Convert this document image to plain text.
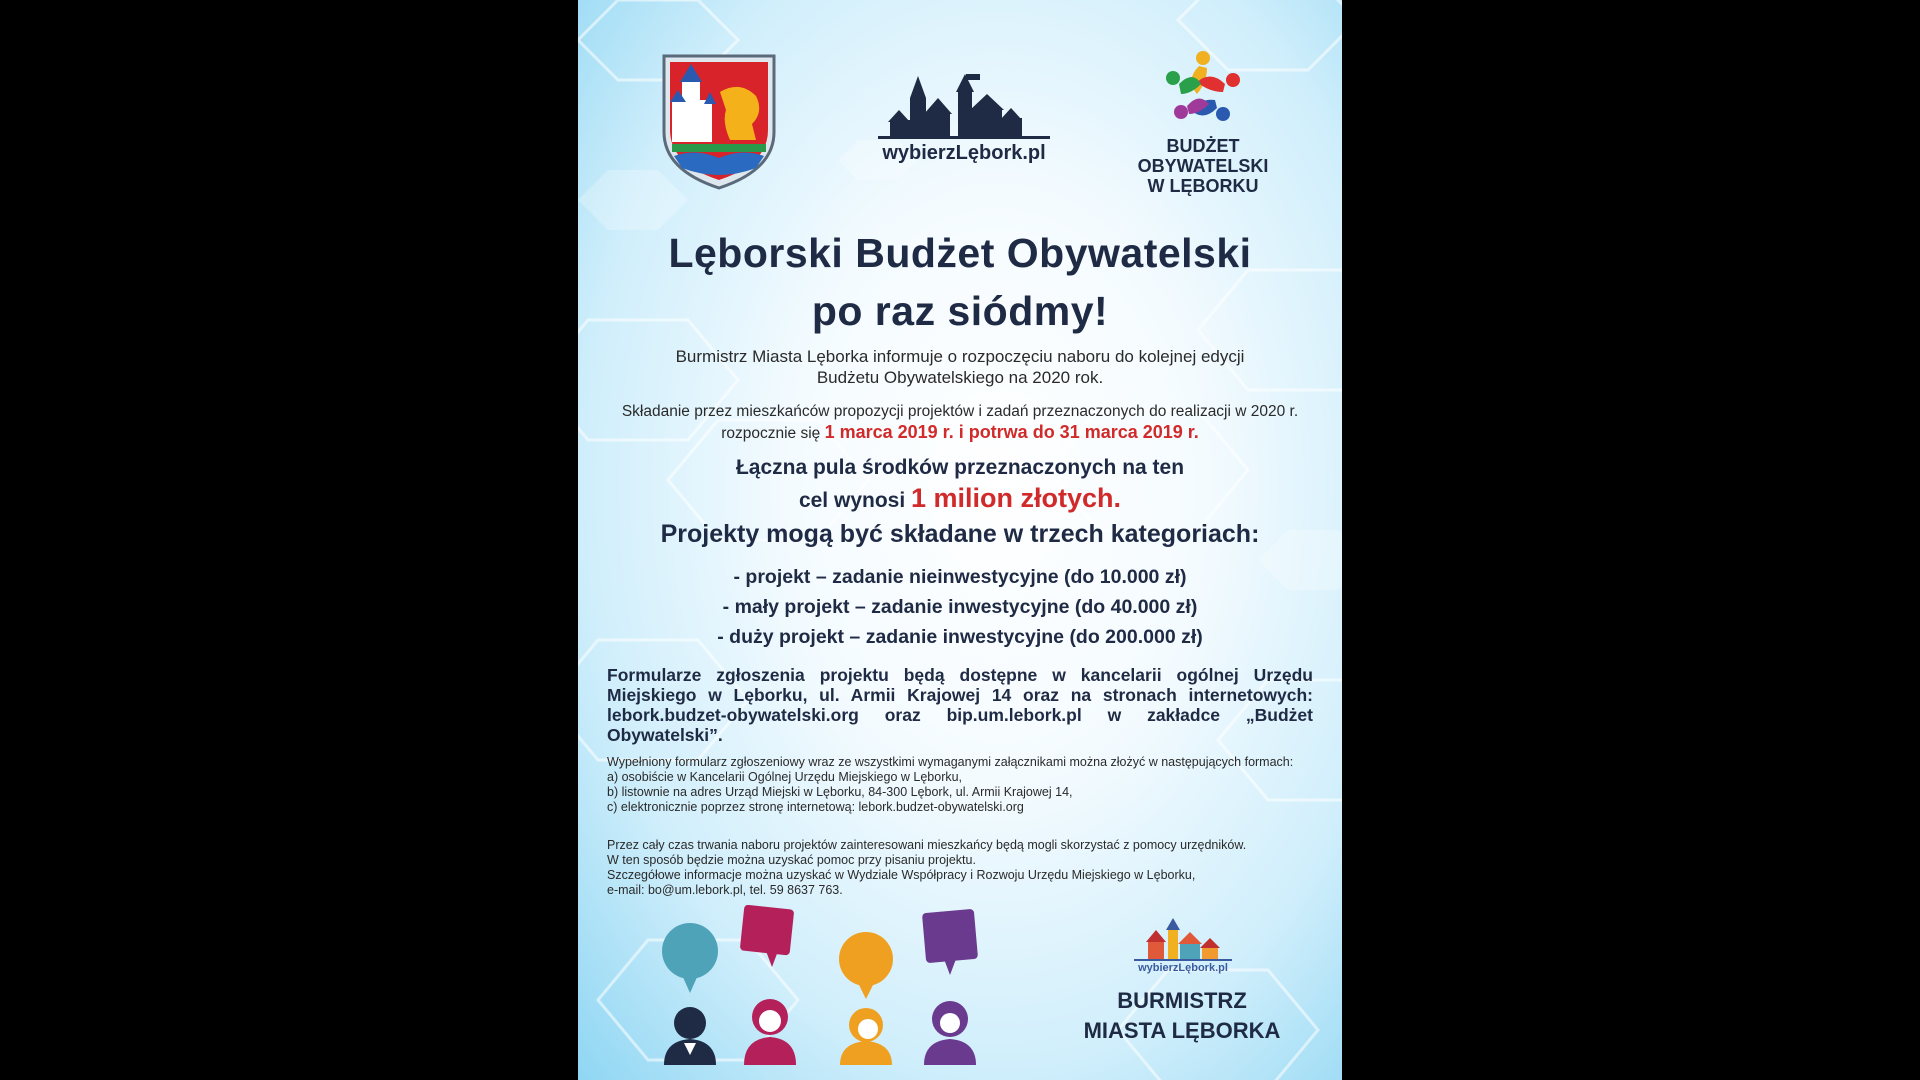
wybierzLębork.pl	BUDŻET
OBYWATELSKI
W LĘBORKU
Lęborski Budżet Obywatelski
po raz siódmy!
Burmistrz Miasta Lęborka informuje o rozpoczęciu naboru do kolejnej edycji
Budżetu Obywatelskiego na 2020 rok.
Składanie przez mieszkańców propozycji projektów i zadań przeznaczonych do realizacji w 2020 r.
rozpocznie się 1 marca 2019 r. i potrwa do 31 marca 2019 r.
Łączna pula środków przeznaczonych na ten
cel wynosi 1 milion złotych.
Projekty mogą być składane w trzech kategoriach:
- projekt – zadanie nieinwestycyjne (do 10.000 zł)
- mały projekt – zadanie inwestycyjne (do 40.000 zł)
- duży projekt – zadanie inwestycyjne (do 200.000 zł)
Formularze zgłoszenia projektu będą dostępne w kancelarii ogólnej Urzędu Miejskiego w Lęborku, ul. Armii Krajowej 14 oraz na stronach internetowych: lebork.budzet-obywatelski.org oraz bip.um.lebork.pl w zakładce „Budżet Obywatelski”.
Wypełniony formularz zgłoszeniowy wraz ze wszystkimi wymaganymi załącznikami można złożyć w następujących formach:
a) osobiście w Kancelarii Ogólnej Urzędu Miejskiego w Lęborku,
b) listownie na adres Urząd Miejski w Lęborku, 84-300 Lębork, ul. Armii Krajowej 14,
c) elektronicznie poprzez stronę internetową: lebork.budzet-obywatelski.org
Przez cały czas trwania naboru projektów zainteresowani mieszkańcy będą mogli skorzystać z pomocy urzędników.
W ten sposób będzie można uzyskać pomoc przy pisaniu projektu.
Szczegółowe informacje można uzyskać w Wydziale Współpracy i Rozwoju Urzędu Miejskiego w Lęborku,
e-mail: bo@um.lebork.pl, tel. 59 8637 763.
wybierzLębork.pl
BURMISTRZ
MIASTA LĘBORKA
